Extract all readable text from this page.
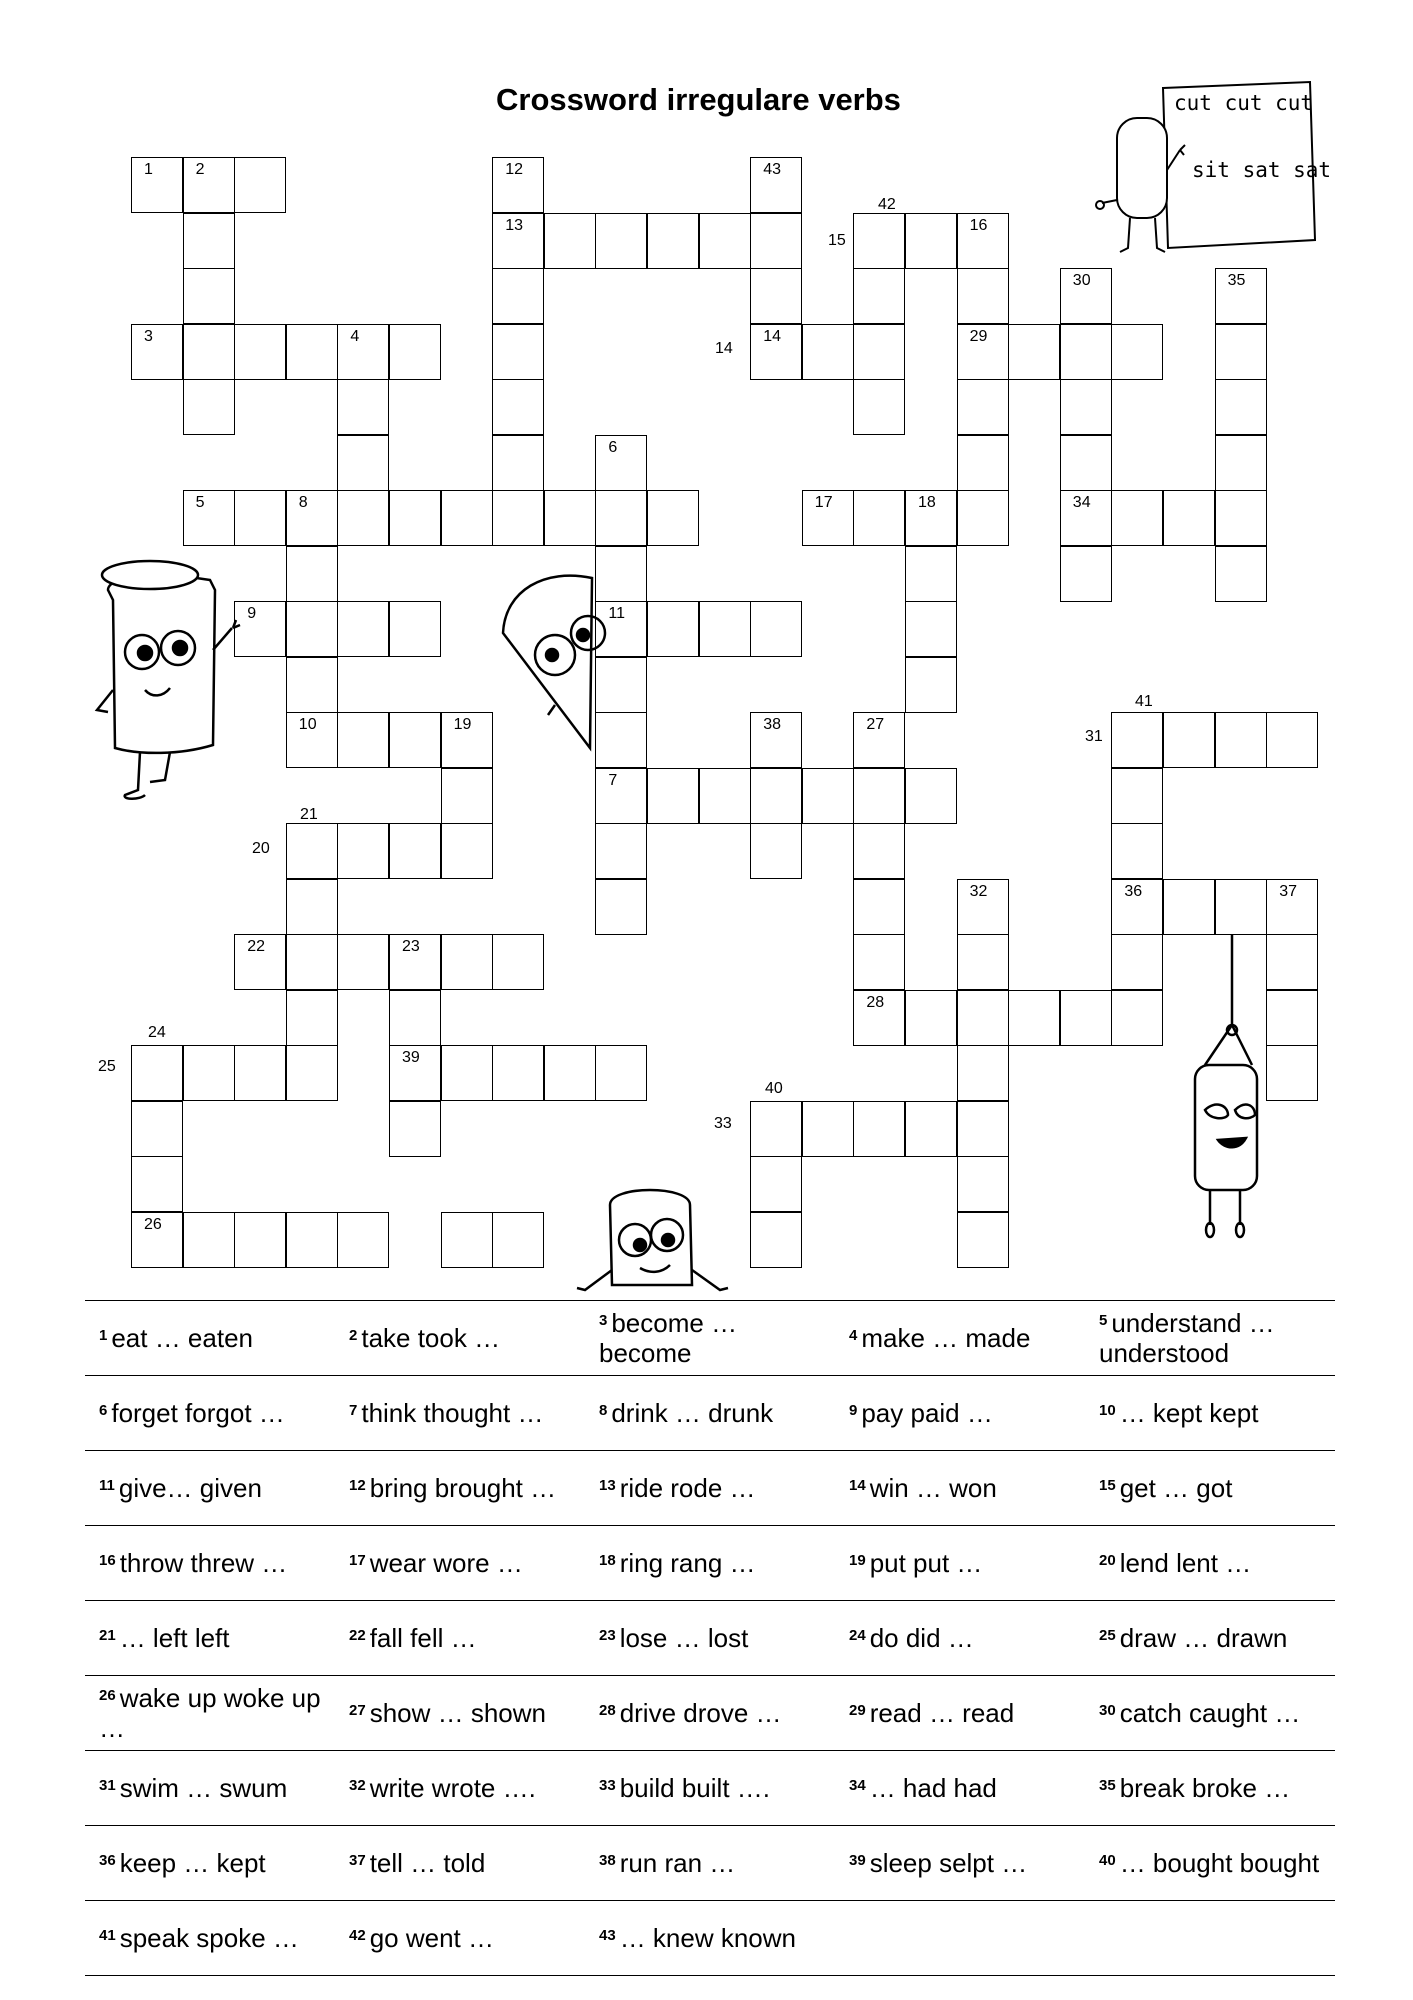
Crossword irregulare verbs
1	2	12	43
13	16
30	35
3	4	14	29
6
5	8	17	18	34
9	11
10	19	38	27
7
32	36	37
22	23
28
39
26
15
42
14
41
31
21
20
24
25
40
33
cut cut cut
sit sat sat
$^1$ eat … eaten	$^2$ take took …	$^3$ become … become	$^4$ make … made	$^5$ understand … understood
$^6$ forget forgot …	$^7$ think thought …	$^8$ drink … drunk	$^9$ pay paid …	$^{10}$ … kept kept
$^{11}$ give… given	$^{12}$ bring brought …	$^{13}$ ride rode …	$^{14}$ win … won	$^{15}$ get … got
$^{16}$ throw threw …	$^{17}$ wear wore …	$^{18}$ ring rang …	$^{19}$ put put …	$^{20}$ lend lent …
$^{21}$ … left left	$^{22}$ fall fell …	$^{23}$ lose … lost	$^{24}$ do did …	$^{25}$ draw … drawn
$^{26}$ wake up woke up …	$^{27}$ show … shown	$^{28}$ drive drove …	$^{29}$ read … read	$^{30}$ catch caught …
$^{31}$ swim … swum	$^{32}$ write wrote ….	$^{33}$ build built ….	$^{34}$ … had had	$^{35}$ break broke …
$^{36}$ keep … kept	$^{37}$ tell … told	$^{38}$ run ran …	$^{39}$ sleep selpt …	$^{40}$ … bought bought
$^{41}$ speak spoke …	$^{42}$ go went …	$^{43}$ … knew known		
